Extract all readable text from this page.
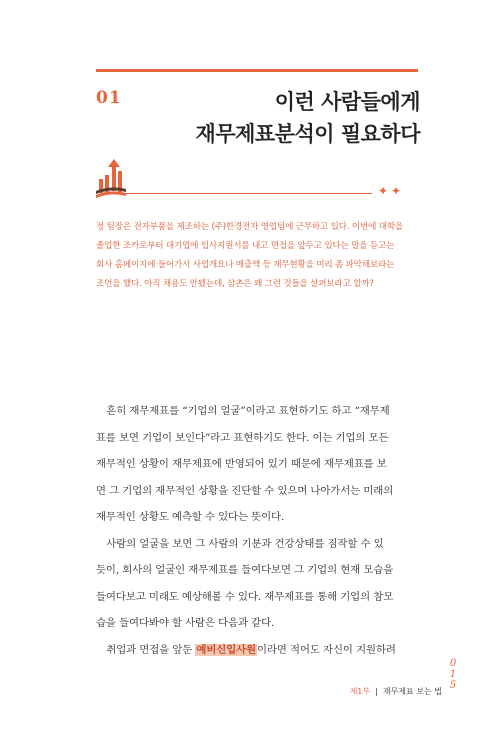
01	이런 사람들에게
재무제표분석이 필요하다
✦✦
정 팀장은 전자부품을 제조하는 (주)한경전자 영업팀에 근무하고 있다. 이번에 대학을
졸업한 조카로부터 대기업에 입사지원서를 내고 면접을 앞두고 있다는 말을 듣고는
회사 홈페이지에 들어가서 사업개요나 매출액 등 재무현황을 미리 좀 파악해보라는
조언을 했다. 아직 채용도 안됐는데, 삼촌은 왜 그런 것들을 살펴보라고 할까?
　흔히 재무제표를 “기업의 얼굴”이라고 표현하기도 하고 “재무제
표를 보면 기업이 보인다”라고 표현하기도 한다. 이는 기업의 모든
재무적인 상황이 재무제표에 반영되어 있기 때문에 재무제표를 보
면 그 기업의 재무적인 상황을 진단할 수 있으며 나아가서는 미래의
재무적인 상황도 예측할 수 있다는 뜻이다.
　사람의 얼굴을 보면 그 사람의 기분과 건강상태를 짐작할 수 있
듯이, 회사의 얼굴인 재무제표를 들여다보면 그 기업의 현재 모습을
들여다보고 미래도 예상해볼 수 있다. 재무제표를 통해 기업의 참모
습을 들여다봐야 할 사람은 다음과 같다.
　취업과 면접을 앞둔 예비신입사원이라면 적어도 자신이 지원하려
0
1
5
제1부 | 재무제표 보는 법
